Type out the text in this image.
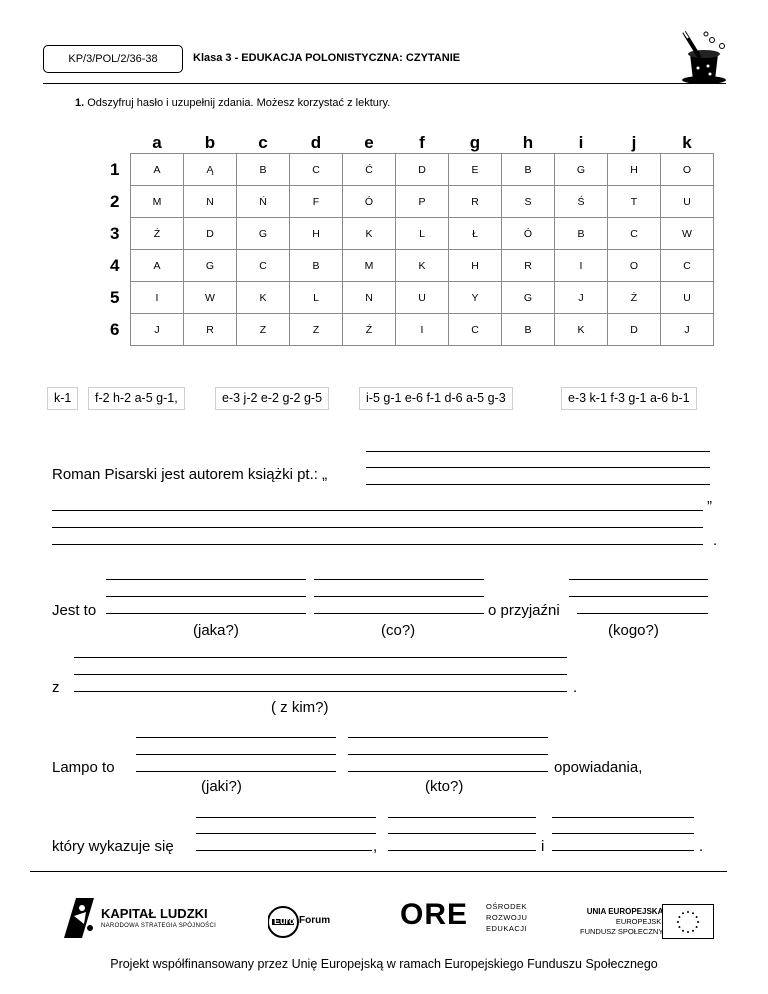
KP/3/POL/2/36-38	Klasa 3 - EDUKACJA POLONISTYCZNA: CZYTANIE
1. Odszyfruj hasło i uzupełnij zdania. Możesz korzystać z lektury.
	a	b	c	d	e	f	g	h	i	j	k
1	A	Ą	B	C	Ć	D	E	B	G	H	O
2	M	N	Ń	F	Ó	P	R	S	Ś	T	U
3	Ź	D	G	H	K	L	Ł	Ó	B	C	W
4	A	G	C	B	M	K	H	R	I	O	C
5	I	W	K	L	N	U	Y	G	J	Ż	U
6	J	R	Z	Z	Ź	I	C	B	K	D	J
k-1	f-2 h-2 a-5 g-1,	e-3 j-2 e-2 g-2 g-5	i-5 g-1 e-6 f-1 d-6 a-5 g-3	e-3 k-1 f-3 g-1 a-6 b-1
Roman Pisarski jest autorem książki pt.: „
”
.
Jest to	o przyjaźni
(jaka?)	(co?)	(kogo?)
z	.
( z kim?)
Lampo to	opowiadania,
(jaki?)	(kto?)
który wykazuje się	,	i	.
KAPITAŁ LUDZKI
NARODOWA STRATEGIA SPÓJNOŚCI	Euro Forum ORE OŚRODEK
ROZWOJU
EDUKACJI
UNIA EUROPEJSKA
EUROPEJSKI
FUNDUSZ SPOŁECZNY
Projekt współfinansowany przez Unię Europejską w ramach Europejskiego Funduszu Społecznego
